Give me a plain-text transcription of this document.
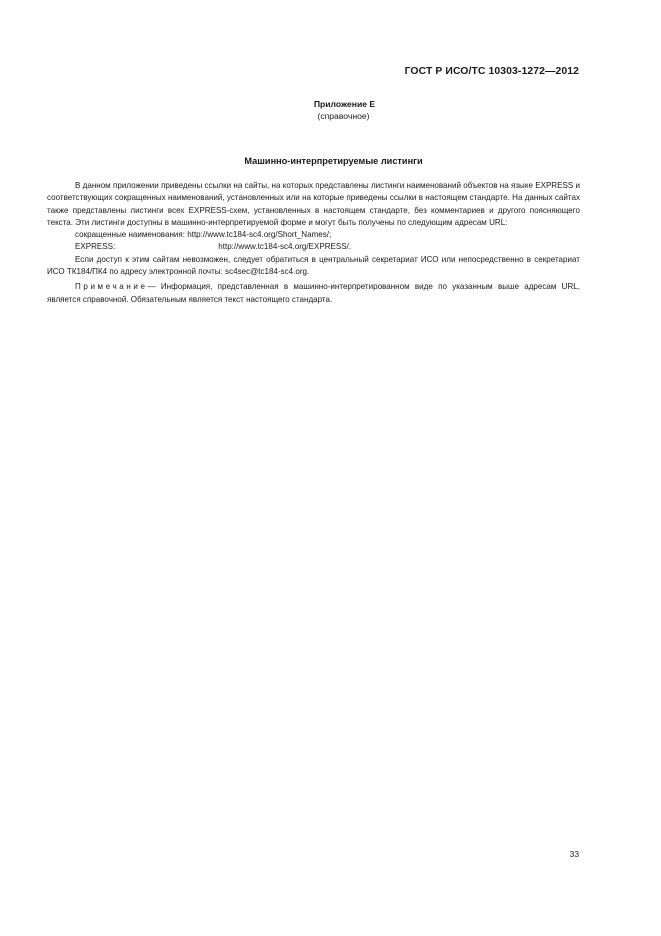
ГОСТ Р ИСО/ТС 10303-1272—2012
Приложение Е
(справочное)
Машинно-интерпретируемые листинги

В данном приложении приведены ссылки на сайты, на которых представлены листинги наименований объектов на языке EXPRESS и соответствующих сокращенных наименований, установленных или на которые приведены ссылки в настоящем стандарте. На данных сайтах также представлены листинги всех EXPRESS-схем, установленных в настоящем стандарте, без комментариев и другого поясняющего текста. Эти листинги доступны в машинно-интерпретируемой форме и могут быть получены по следующим адресам URL:

сокращенные наименования: http://www.tc184-sc4.org/Short_Names/;
EXPRESS:	http://www.tc184-sc4.org/EXPRESS/.

Если доступ к этим сайтам невозможен, следует обратиться в центральный секретариат ИСО или непосредственно в секретариат ИСО ТК184/ПК4 по адресу электронной почты: sc4sec@tc184-sc4.org.

Примечание— Информация, представленная в машинно-интерпретированном виде по указанным выше адресам URL, является справочной. Обязательным является текст настоящего стандарта.

33
